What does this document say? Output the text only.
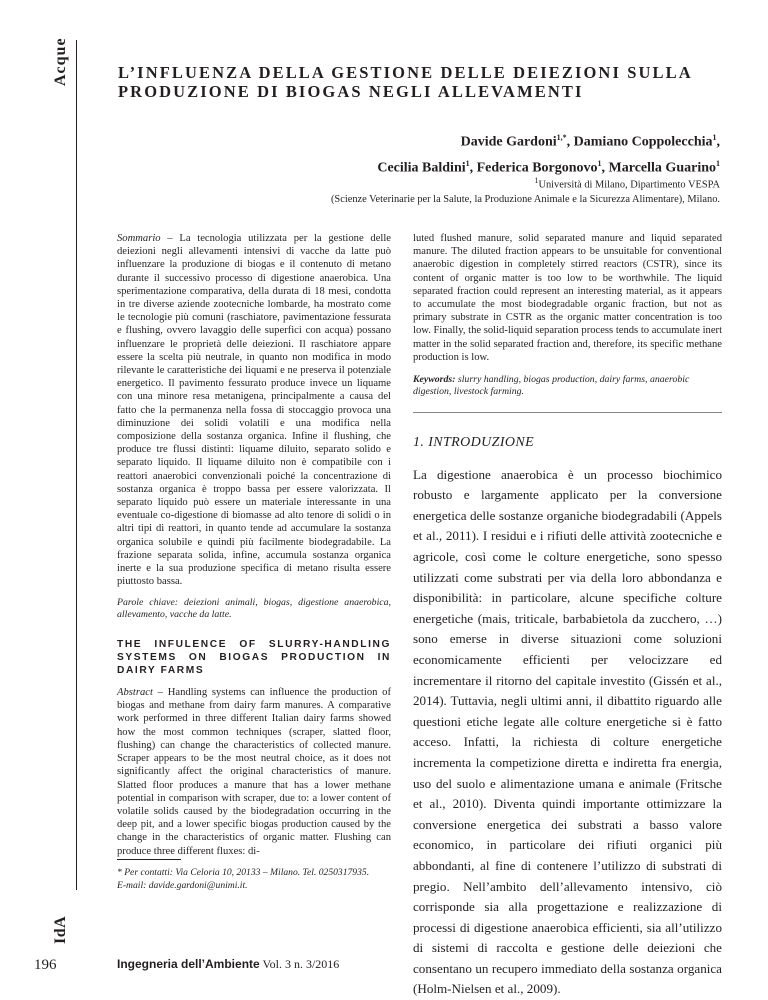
Acque
IdA
196
L’INFLUENZA DELLA GESTIONE DELLE DEIEZIONI SULLA PRODUZIONE DI BIOGAS NEGLI ALLEVAMENTI
Davide Gardoni$^{1,*}$, Damiano Coppolecchia$^1$,
Cecilia Baldini$^1$, Federica Borgonovo$^1$, Marcella Guarino$^1$
$^1$Università di Milano, Dipartimento VESPA
(Scienze Veterinarie per la Salute, la Produzione Animale e la Sicurezza Alimentare), Milano.

Sommario – La tecnologia utilizzata per la gestione delle deiezioni negli allevamenti intensivi di vacche da latte può influenzare la produzione di biogas e il contenuto di metano durante il successivo processo di digestione anaerobica. Una sperimentazione comparativa, della durata di 18 mesi, condotta in tre diverse aziende zootecniche lombarde, ha mostrato come le tecnologie più comuni (raschiatore, pavimentazione fessurata e flushing, ovvero lavaggio delle superfici con acqua) possano influenzare le proprietà delle deiezioni. Il raschiatore appare essere la scelta più neutrale, in quanto non modifica in modo rilevante le caratteristiche dei liquami e ne preserva il potenziale energetico. Il pavimento fessurato produce invece un liquame con una minore resa metanigena, principalmente a causa del fatto che la permanenza nella fossa di stoccaggio provoca una diminuzione dei solidi volatili e una modifica nella composizione della sostanza organica. Infine il flushing, che produce tre flussi distinti: liquame diluito, separato solido e separato liquido. Il liquame diluito non è compatibile con i reattori anaerobici convenzionali poiché la concentrazione di sostanza organica è troppo bassa per essere valorizzata. Il separato liquido può essere un materiale interessante in una eventuale co-digestione di biomasse ad alto tenore di solidi o in altri tipi di reattori, in quanto tende ad accumulare la sostanza organica solubile e quindi più facilmente biodegradabile. La frazione separata solida, infine, accumula sostanza organica inerte e la sua produzione specifica di metano risulta essere piuttosto bassa.

Parole chiave: deiezioni animali, biogas, digestione anaerobica, allevamento, vacche da latte.

THE INFULENCE OF SLURRY-HANDLING SYSTEMS ON BIOGAS PRODUCTION IN DAIRY FARMS

Abstract – Handling systems can influence the production of biogas and methane from dairy farm manures. A comparative work performed in three different Italian dairy farms showed how the most common techniques (scraper, slatted floor, flushing) can change the characteristics of collected manure. Scraper appears to be the most neutral choice, as it does not significantly affect the original characteristics of manure. Slatted floor produces a manure that has a lower methane potential in comparison with scraper, due to: a lower content of volatile solids caused by the biodegradation occurring in the deep pit, and a lower specific biogas production caused by the change in the characteristics of organic matter. Flushing can produce three different fluxes: di-

* Per contatti: Via Celoria 10, 20133 – Milano. Tel. 0250317935.
E-mail: davide.gardoni@unimi.it.

luted flushed manure, solid separated manure and liquid separated manure. The diluted fraction appears to be unsuitable for conventional anaerobic digestion in completely stirred reactors (CSTR), since its content of organic matter is too low to be worthwhile. The liquid separated fraction could represent an interesting material, as it appears to accumulate the most biodegradable organic fraction, but not as primary substrate in CSTR as the organic matter concentration is too low. Finally, the solid-liquid separation process tends to accumulate inert matter in the solid separated fraction and, therefore, its specific methane production is low.

Keywords: slurry handling, biogas production, dairy farms, anaerobic digestion, livestock farming.

1. INTRODUZIONE

La digestione anaerobica è un processo biochimico robusto e largamente applicato per la conversione energetica delle sostanze organiche biodegradabili (Appels et al., 2011). I residui e i rifiuti delle attività zootecniche e agricole, così come le colture energetiche, sono spesso utilizzati come substrati per via della loro abbondanza e disponibilità: in particolare, alcune specifiche colture energetiche (mais, triticale, barbabietola da zucchero, …) sono emerse in diverse situazioni come soluzioni economicamente efficienti per velocizzare ed incrementare il ritorno del capitale investito (Gissén et al., 2014). Tuttavia, negli ultimi anni, il dibattito riguardo alle questioni etiche legate alle colture energetiche si è fatto acceso. Infatti, la richiesta di colture energetiche incrementa la competizione diretta e indiretta fra energia, uso del suolo e alimentazione umana e animale (Fritsche et al., 2010). Diventa quindi importante ottimizzare la conversione energetica dei substrati a basso valore economico, in particolare dei rifiuti organici più abbondanti, al fine di contenere l’utilizzo di substrati di pregio. Nell’ambito dell’allevamento intensivo, ciò corrisponde sia alla progettazione e realizzazione di processi di digestione anaerobica efficienti, sia all’utilizzo di sistemi di raccolta e gestione delle deiezioni che consentano un recupero immediato della sostanza organica (Holm-Nielsen et al., 2009).

Ingegneria dell’Ambiente Vol. 3 n. 3/2016
